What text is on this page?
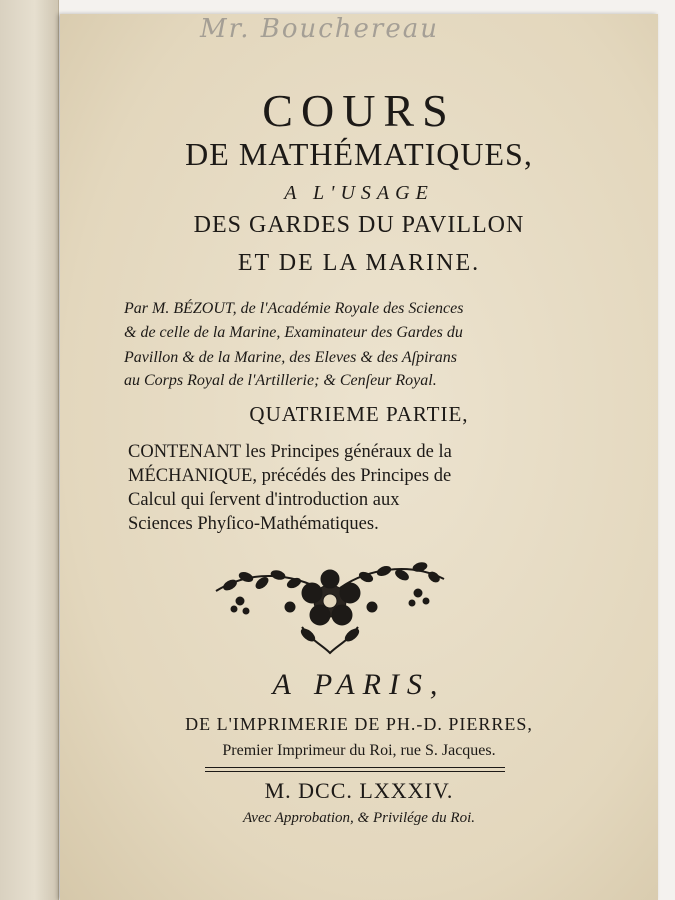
Mr. Bouchereau
COURS
DE MATHÉMATIQUES,
A L'USAGE
DES GARDES DU PAVILLON
ET DE LA MARINE.
Par M. BÉZOUT, de l'Académie Royale des Sciences
& de celle de la Marine, Examinateur des Gardes du
Pavillon & de la Marine, des Eleves & des Aſpirans
au Corps Royal de l'Artillerie; & Cenſeur Royal.
QUATRIEME PARTIE,
CONTENANT les Principes généraux de la
MÉCHANIQUE, précédés des Principes de
Calcul qui ſervent d'introduction aux
Sciences Phyſico-Mathématiques.
A PARIS,
DE L'IMPRIMERIE DE PH.-D. PIERRES,
Premier Imprimeur du Roi, rue S. Jacques.
M. DCC. LXXXIV.
Avec Approbation, & Privilége du Roi.
